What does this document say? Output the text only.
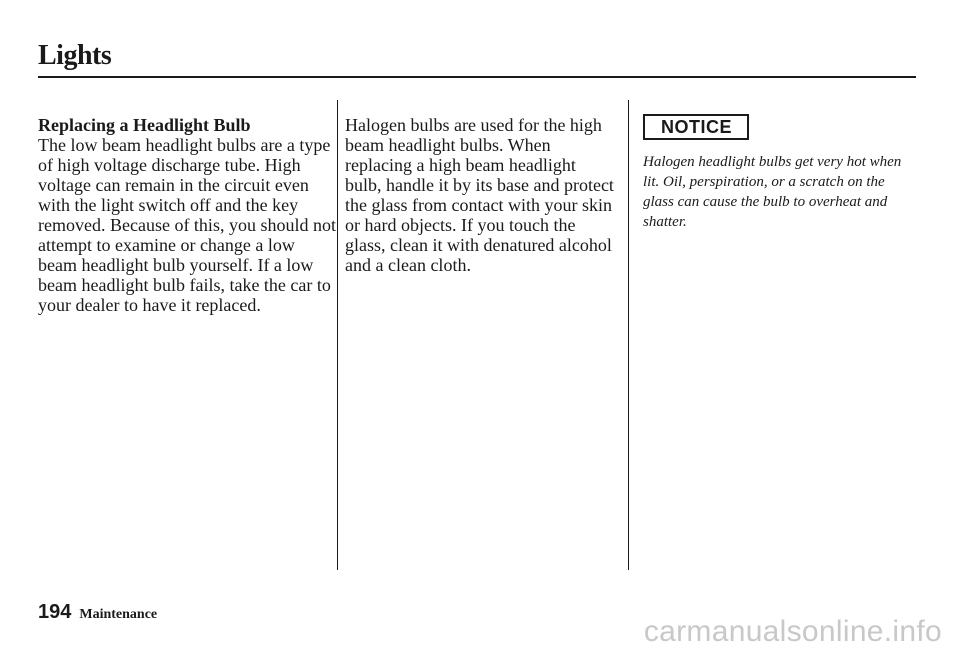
Lights
Replacing a Headlight Bulb
The low beam headlight bulbs are a type of high voltage discharge tube. High voltage can remain in the circuit even with the light switch off and the key removed. Because of this, you should not attempt to examine or change a low beam headlight bulb yourself. If a low beam headlight bulb fails, take the car to your dealer to have it replaced.
Halogen bulbs are used for the high beam headlight bulbs. When replacing a high beam headlight bulb, handle it by its base and protect the glass from contact with your skin or hard objects. If you touch the glass, clean it with denatured alcohol and a clean cloth.
NOTICE
Halogen headlight bulbs get very hot when lit. Oil, perspiration, or a scratch on the glass can cause the bulb to overheat and shatter.
194 Maintenance
carmanualsonline.info
